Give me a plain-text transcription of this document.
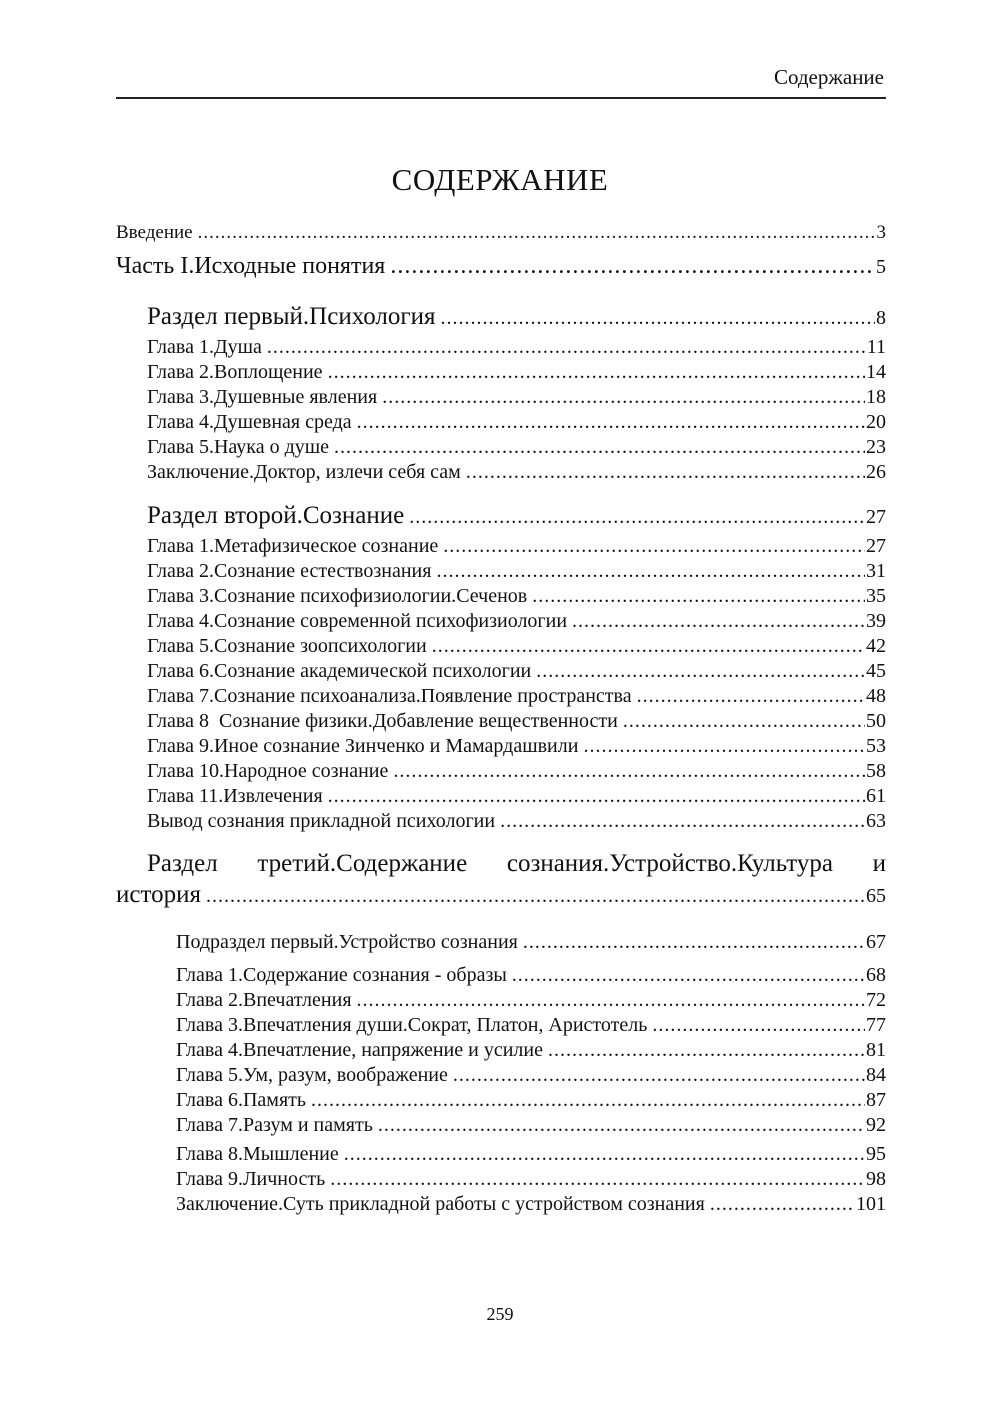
Содержание
СОДЕРЖАНИЕ
Введение .....	3
Часть I.Исходные понятия .....	5
Раздел первый.Психология .....	8
Глава 1.Душа .....	11
Глава 2.Воплощение .....	14
Глава 3.Душевные явления .....	18
Глава 4.Душевная среда .....	20
Глава 5.Наука о душе .....	23
Заключение.Доктор, излечи себя сам .....	26
Раздел второй.Сознание .....	27
Глава 1.Метафизическое сознание .....	27
Глава 2.Сознание естествознания .....	31
Глава 3.Сознание психофизиологии.Сеченов .....	35
Глава 4.Сознание современной психофизиологии .....	39
Глава 5.Сознание зоопсихологии .....	42
Глава 6.Сознание академической психологии .....	45
Глава 7.Сознание психоанализа.Появление пространства .....	48
Глава 8  Сознание физики.Добавление вещественности .....	50
Глава 9.Иное сознание Зинченко и Мамардашвили .....	53
Глава 10.Народное сознание .....	58
Глава 11.Извлечения .....	61
Вывод сознания прикладной психологии .....	63
Раздел третий.Содержание сознания.Устройство.Культура и
история .....	65
Подраздел первый.Устройство сознания .....	67
Глава 1.Содержание сознания - образы .....	68
Глава 2.Впечатления .....	72
Глава 3.Впечатления души.Сократ, Платон, Аристотель .....	77
Глава 4.Впечатление, напряжение и усилие .....	81
Глава 5.Ум, разум, воображение .....	84
Глава 6.Память .....	87
Глава 7.Разум и память .....	92
Глава 8.Мышление .....	95
Глава 9.Личность .....	98
Заключение.Суть прикладной работы с устройством сознания .....	101
259
